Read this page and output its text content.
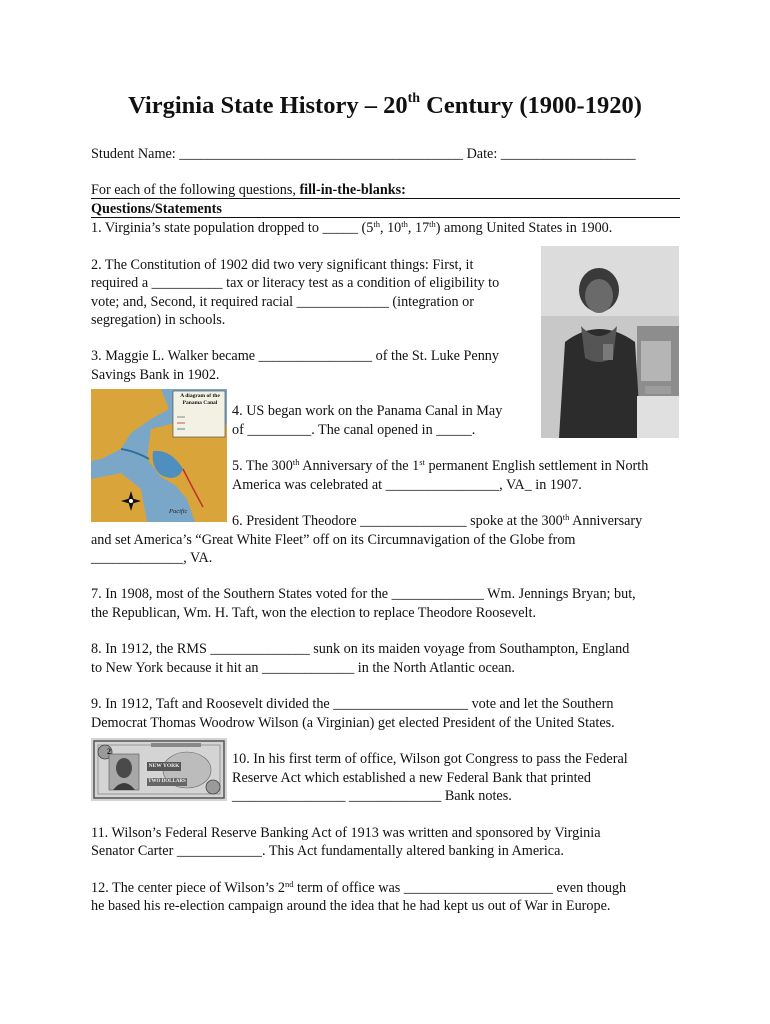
Virginia State History – 20th Century (1900-1920)
Student Name: ________________________________________ Date: ___________________
For each of the following questions, fill-in-the-blanks:
Questions/Statements
1. Virginia’s state population dropped to _____ (5th, 10th, 17th) among United States in 1900.
2. The Constitution of 1902 did two very significant things: First, it
required a __________ tax or literacy test as a condition of eligibility to
vote; and, Second, it required racial _____________ (integration or
segregation) in schools.
3. Maggie L. Walker became ________________ of the St. Luke Penny
Savings Bank in 1902.
A diagram of the
Panama Canal
Pacific
4. US began work on the Panama Canal in May
of _________. The canal opened in _____.
5. The 300th Anniversary of the 1st permanent English settlement in North
America was celebrated at ________________, VA_ in 1907.
6. President Theodore _______________ spoke at the 300th Anniversary
and set America’s “Great White Fleet” off on its Circumnavigation of the Globe from
_____________, VA.
7. In 1908, most of the Southern States voted for the _____________ Wm. Jennings Bryan; but,
the Republican, Wm. H. Taft, won the election to replace Theodore Roosevelt.
8. In 1912, the RMS ______________ sunk on its maiden voyage from Southampton, England
to New York because it hit an _____________ in the North Atlantic ocean.
9. In 1912, Taft and Roosevelt divided the ___________________ vote and let the Southern
Democrat Thomas Woodrow Wilson (a Virginian) get elected President of the United States.
2
NEW YORK
TWO DOLLARS
10. In his first term of office, Wilson got Congress to pass the Federal
Reserve Act which established a new Federal Bank that printed
________________ _____________ Bank notes.
11. Wilson’s Federal Reserve Banking Act of 1913 was written and sponsored by Virginia
Senator Carter ____________. This Act fundamentally altered banking in America.
12. The center piece of Wilson’s 2nd term of office was _____________________ even though
he based his re-election campaign around the idea that he had kept us out of War in Europe.
